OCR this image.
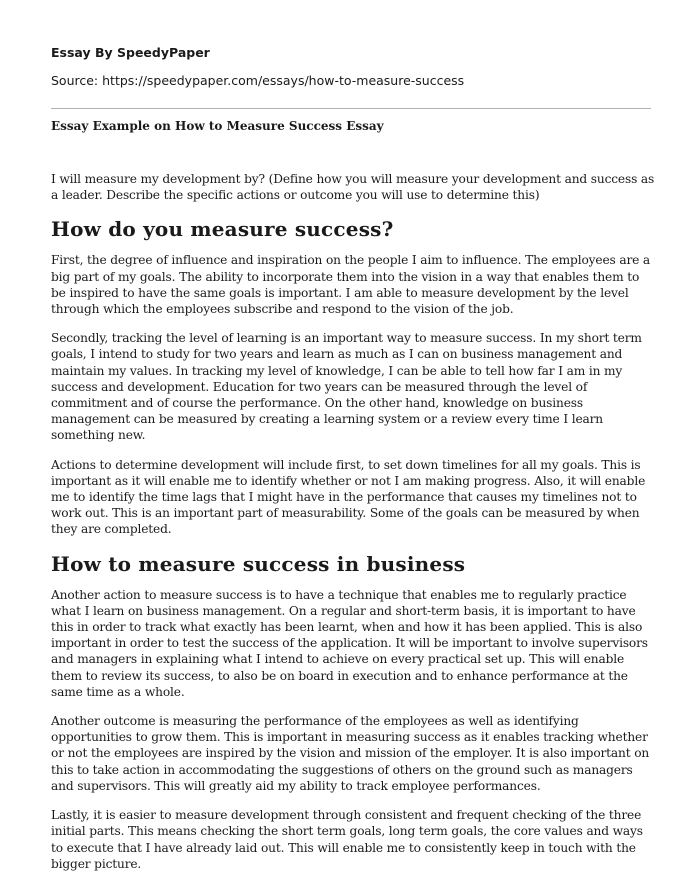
Essay By SpeedyPaper

Source: https://speedypaper.com/essays/how-to-measure-success

Essay Example on How to Measure Success Essay

I will measure my development by? (Define how you will measure your development and success as a leader. Describe the specific actions or outcome you will use to determine this)

How do you measure success?

First, the degree of influence and inspiration on the people I aim to influence. The employees are a big part of my goals. The ability to incorporate them into the vision in a way that enables them to be inspired to have the same goals is important. I am able to measure development by the level through which the employees subscribe and respond to the vision of the job.

Secondly, tracking the level of learning is an important way to measure success. In my short term goals, I intend to study for two years and learn as much as I can on business management and maintain my values. In tracking my level of knowledge, I can be able to tell how far I am in my success and development. Education for two years can be measured through the level of commitment and of course the performance. On the other hand, knowledge on business management can be measured by creating a learning system or a review every time I learn something new.

Actions to determine development will include first, to set down timelines for all my goals. This is important as it will enable me to identify whether or not I am making progress. Also, it will enable me to identify the time lags that I might have in the performance that causes my timelines not to work out. This is an important part of measurability. Some of the goals can be measured by when they are completed.

How to measure success in business

Another action to measure success is to have a technique that enables me to regularly practice what I learn on business management. On a regular and short-term basis, it is important to have this in order to track what exactly has been learnt, when and how it has been applied. This is also important in order to test the success of the application. It will be important to involve supervisors and managers in explaining what I intend to achieve on every practical set up. This will enable them to review its success, to also be on board in execution and to enhance performance at the same time as a whole.

Another outcome is measuring the performance of the employees as well as identifying opportunities to grow them. This is important in measuring success as it enables tracking whether or not the employees are inspired by the vision and mission of the employer. It is also important on this to take action in accommodating the suggestions of others on the ground such as managers and supervisors. This will greatly aid my ability to track employee performances.

Lastly, it is easier to measure development through consistent and frequent checking of the three initial parts. This means checking the short term goals, long term goals, the core values and ways to execute that I have already laid out. This will enable me to consistently keep in touch with the bigger picture.
